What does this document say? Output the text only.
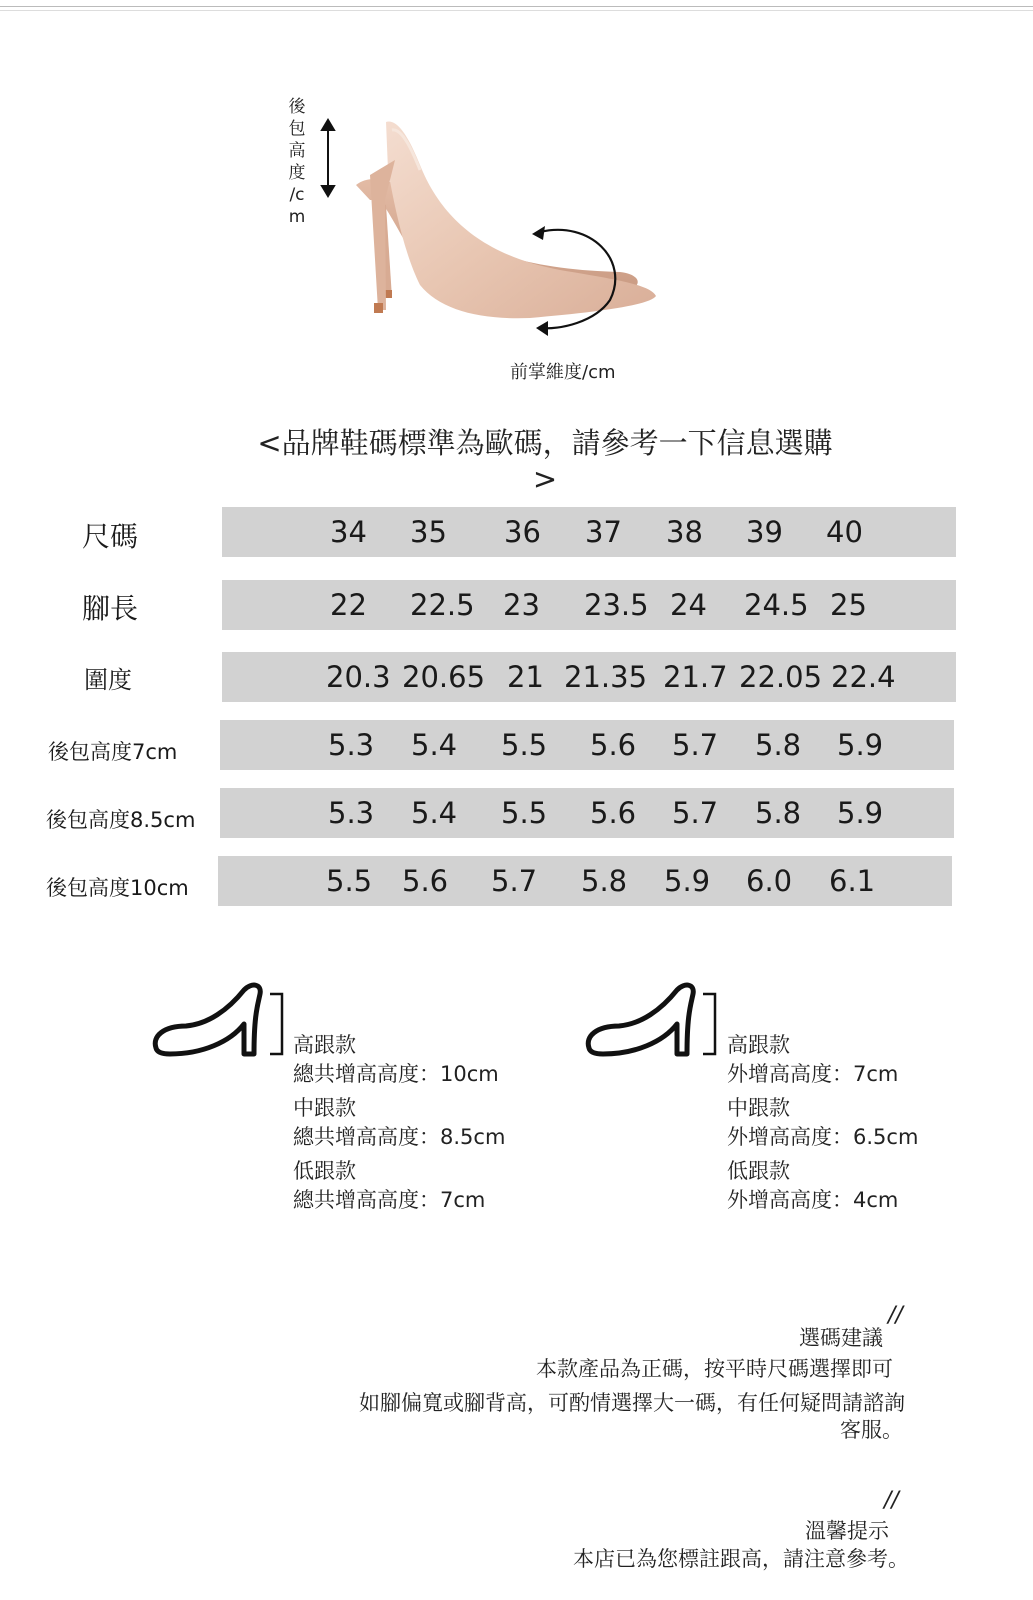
後
包
高
度
/c
m
前掌維度/cm
<品牌鞋碼標準為歐碼，請參考一下信息選購>
尺碼	34 35 36 37 38 39 40
腳長	22 22.5 23 23.5 24 24.5 25
圍度	20.3 20.65 21 21.35 21.7 22.05 22.4
後包高度7cm	5.3 5.4 5.5 5.6 5.7 5.8 5.9
後包高度8.5cm	5.3 5.4 5.5 5.6 5.7 5.8 5.9
後包高度10cm	5.5 5.6 5.7 5.8 5.9 6.0 6.1
高跟款
總共增高高度：10cm
中跟款
總共增高高度：8.5cm
低跟款
總共增高高度：7cm
高跟款
外增高高度：7cm
中跟款
外增高高度：6.5cm
低跟款
外增高高度：4cm
//
選碼建議
本款產品為正碼，按平時尺碼選擇即可
如腳偏寬或腳背高，可酌情選擇大一碼，有任何疑問請諮詢
客服。
//
溫馨提示
本店已為您標註跟高，請注意參考。
